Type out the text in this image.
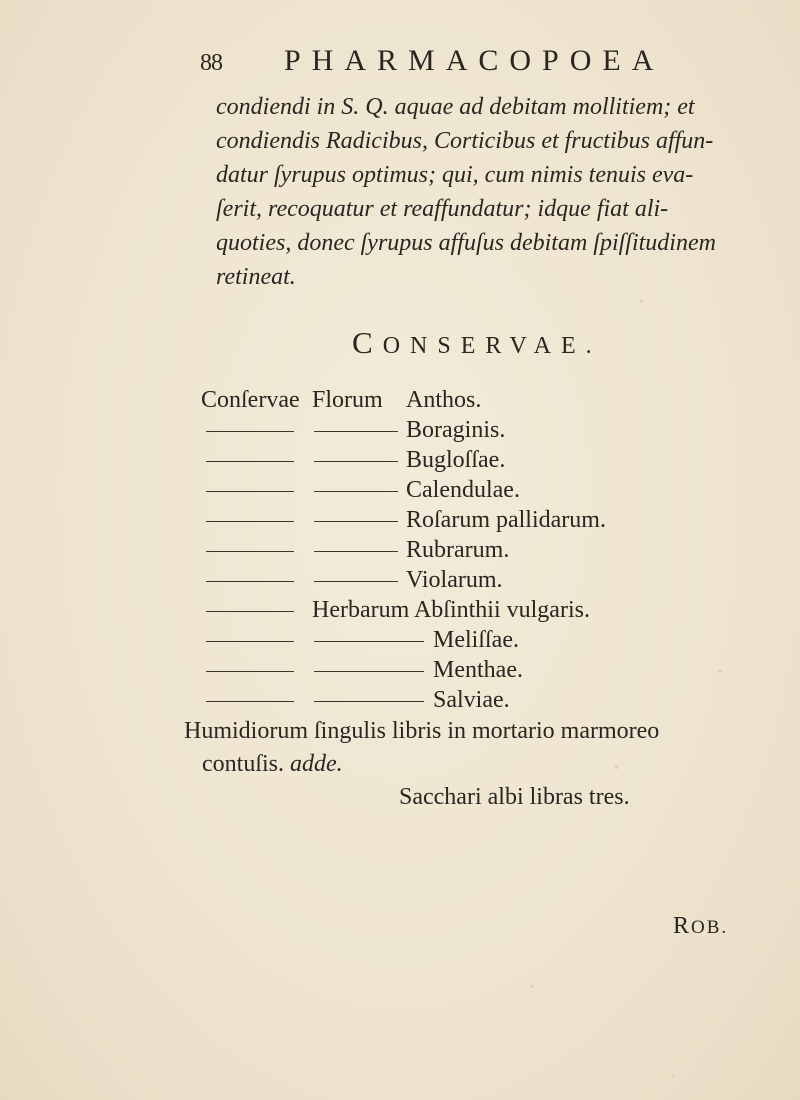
88 PHARMACOPOEA
condiendi in S. Q. aquae ad debitam mollitiem; et
condiendis Radicibus, Corticibus et fructibus affun-
datur ſyrupus optimus; qui, cum nimis tenuis eva-
ſerit, recoquatur et reaffundatur; idque fiat ali-
quoties, donec ſyrupus affuſus debitam ſpiſſitudinem
retineat.
CONSERVAE.
Conſervae Florum Anthos.
Boraginis.
Bugloſſae.
Calendulae.
Roſarum pallidarum.
Rubrarum.
Violarum.
Herbarum Abſinthii vulgaris.
Meliſſae.
Menthae.
Salviae.
Humidiorum ſingulis libris in mortario marmoreo
contuſis. adde.
Sacchari albi libras tres.
ROB.
